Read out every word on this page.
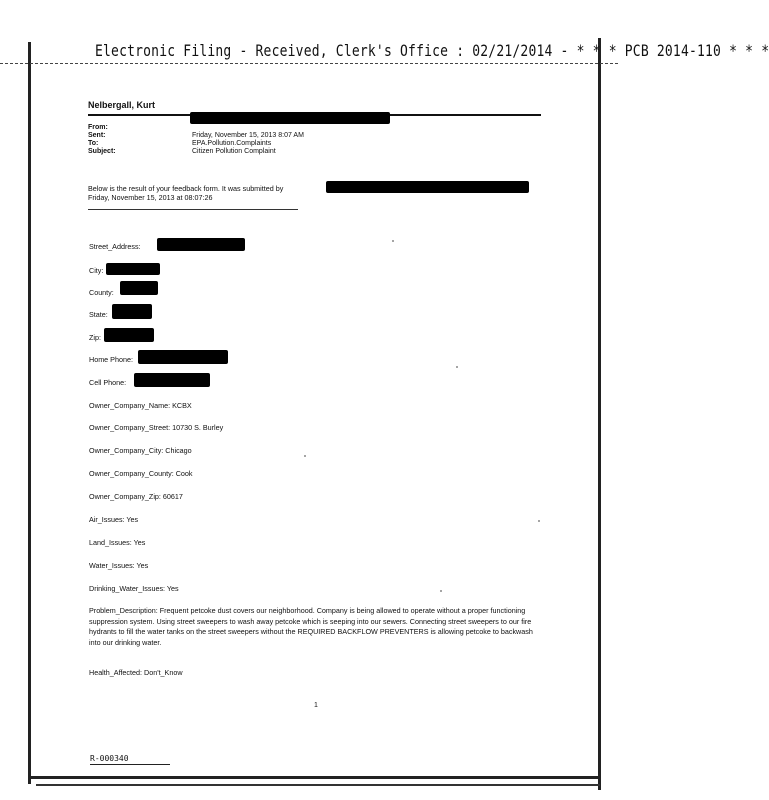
Electronic Filing - Received, Clerk's Office : 02/21/2014 - * * * PCB 2014-110 * * *
Nelbergall, Kurt
From:
Sent:	Friday, November 15, 2013 8:07 AM
To:	EPA.Pollution.Complaints
Subject:	Citizen Pollution Complaint
Below is the result of your feedback form. It was submitted by
Friday, November 15, 2013 at 08:07:26
Street_Address:
City:
County:
State:
Zip:
Home Phone:
Cell Phone:
Owner_Company_Name: KCBX
Owner_Company_Street: 10730 S. Burley
Owner_Company_City: Chicago
Owner_Company_County: Cook
Owner_Company_Zip: 60617
Air_Issues: Yes
Land_Issues: Yes
Water_Issues: Yes
Drinking_Water_Issues: Yes
Problem_Description: Frequent petcoke dust covers our neighborhood. Company is being allowed to operate without a proper functioning suppression system. Using street sweepers to wash away petcoke which is seeping into our sewers. Connecting street sweepers to our fire hydrants to fill the water tanks on the street sweepers without the REQUIRED BACKFLOW PREVENTERS is allowing petcoke to backwash into our drinking water.
Health_Affected: Don't_Know
1
R-000340
